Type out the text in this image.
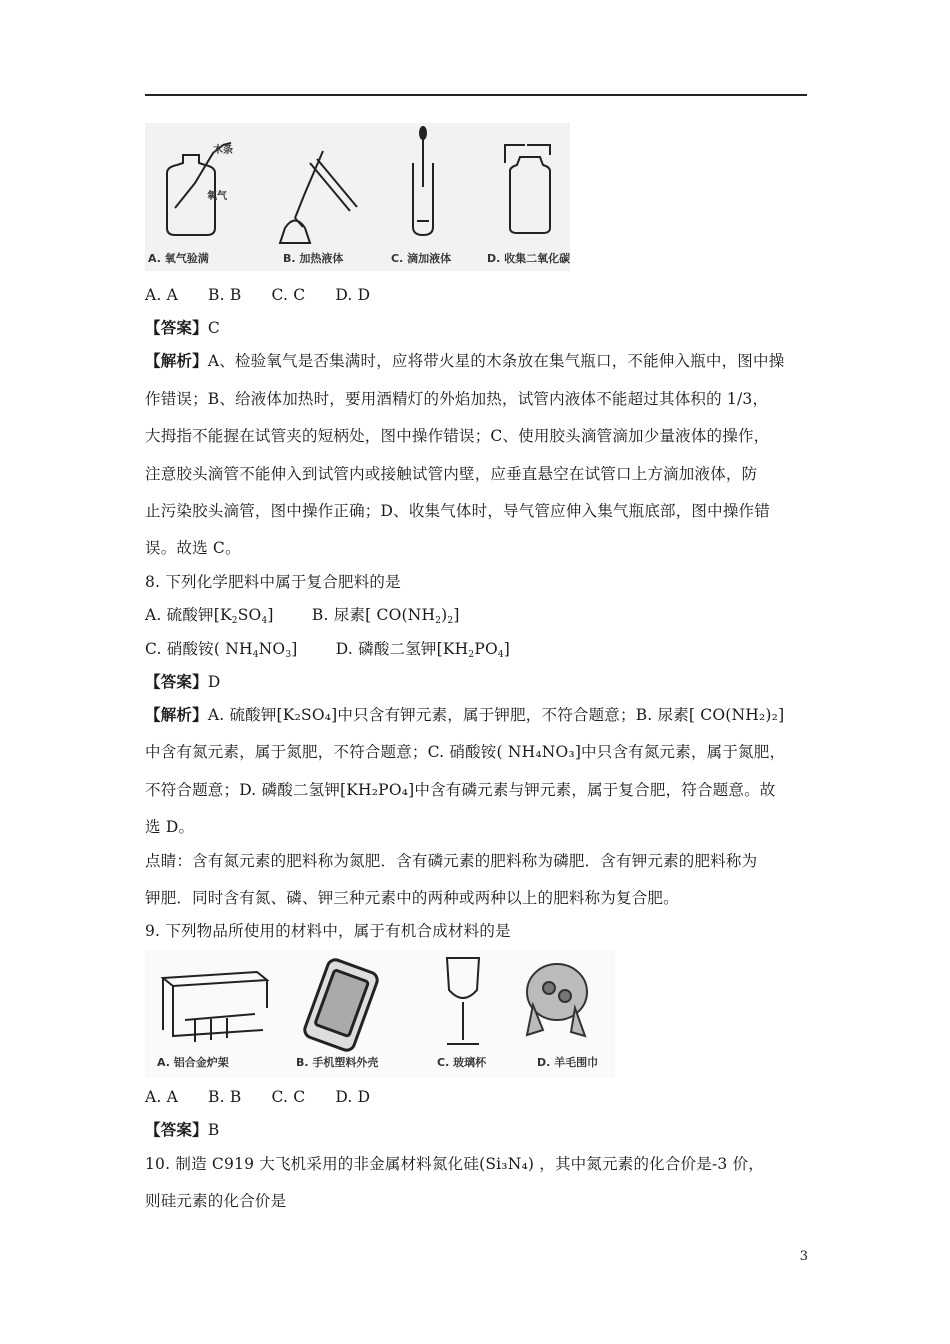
木条
氧气
A. 氧气验满	B. 加热液体	C. 滴加液体	D. 收集二氧化碳
A. A B. B C. C D. D
【答案】C
【解析】A、检验氧气是否集满时，应将带火星的木条放在集气瓶口，不能伸入瓶中，图中操
作错误；B、给液体加热时，要用酒精灯的外焰加热，试管内液体不能超过其体积的 1/3，
大拇指不能握在试管夹的短柄处，图中操作错误；C、使用胶头滴管滴加少量液体的操作，
注意胶头滴管不能伸入到试管内或接触试管内壁，应垂直悬空在试管口上方滴加液体，防
止污染胶头滴管，图中操作正确；D、收集气体时，导气管应伸入集气瓶底部，图中操作错
误。故选 C。
8. 下列化学肥料中属于复合肥料的是
A. 硫酸钾$[K_2SO_4]$ B. 尿素[ $CO(NH_2)_2$]
C. 硝酸铵( $NH_4NO_3$] D. 磷酸二氢钾$[KH_2PO_4]$
【答案】D
【解析】A. 硫酸钾[K₂SO₄]中只含有钾元素，属于钾肥，不符合题意；B. 尿素[ CO(NH₂)₂]
中含有氮元素，属于氮肥，不符合题意；C. 硝酸铵( NH₄NO₃]中只含有氮元素，属于氮肥，
不符合题意；D. 磷酸二氢钾[KH₂PO₄]中含有磷元素与钾元素，属于复合肥，符合题意。故
选 D。
点睛：含有氮元素的肥料称为氮肥．含有磷元素的肥料称为磷肥．含有钾元素的肥料称为
钾肥．同时含有氮、磷、钾三种元素中的两种或两种以上的肥料称为复合肥。
9. 下列物品所使用的材料中，属于有机合成材料的是
A. 铝合金炉架	B. 手机塑料外壳	C. 玻璃杯	D. 羊毛围巾
A. A B. B C. C D. D
【答案】B
10. 制造 C919 大飞机采用的非金属材料氮化硅(Si₃N₄) ，其中氮元素的化合价是-3 价，
则硅元素的化合价是
3
